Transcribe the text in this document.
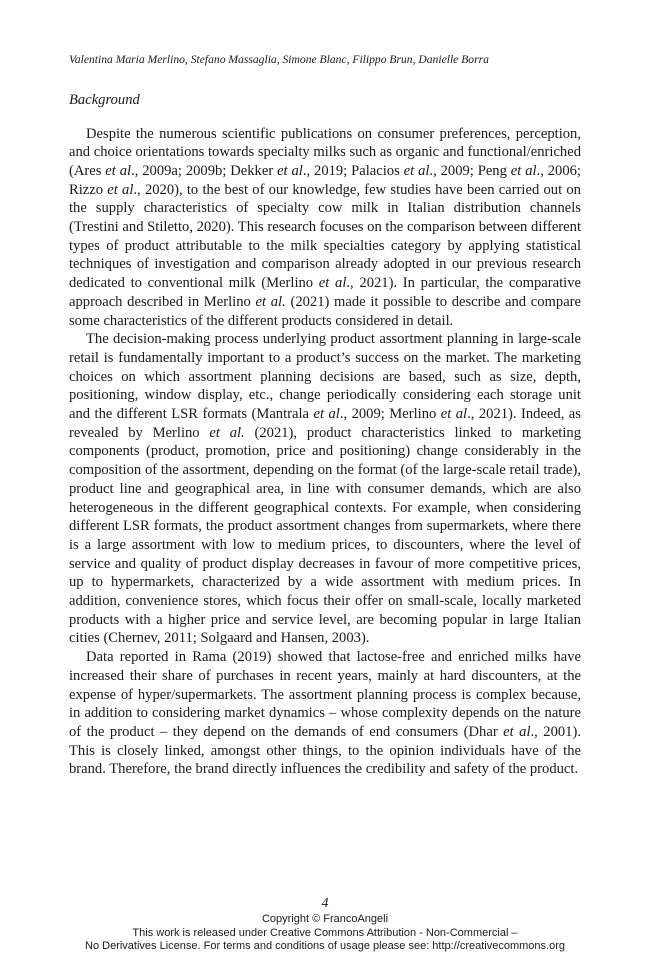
Valentina Maria Merlino, Stefano Massaglia, Simone Blanc, Filippo Brun, Danielle Borra
Background

Despite the numerous scientific publications on consumer preferences, perception, and choice orientations towards specialty milks such as organic and functional/enriched (Ares et al., 2009a; 2009b; Dekker et al., 2019; Palacios et al., 2009; Peng et al., 2006; Rizzo et al., 2020), to the best of our knowledge, few studies have been carried out on the supply characteristics of specialty cow milk in Italian distribution channels (Trestini and Stiletto, 2020). This research focuses on the comparison between different types of product attributable to the milk specialties category by applying statistical techniques of investigation and comparison already adopted in our previous research dedicated to conventional milk (Merlino et al., 2021). In particular, the comparative approach described in Merlino et al. (2021) made it possible to describe and compare some characteristics of the different products considered in detail.

The decision-making process underlying product assortment planning in large-scale retail is fundamentally important to a product’s success on the market. The marketing choices on which assortment planning decisions are based, such as size, depth, positioning, window display, etc., change periodically considering each storage unit and the different LSR formats (Mantrala et al., 2009; Merlino et al., 2021). Indeed, as revealed by Merlino et al. (2021), product characteristics linked to marketing components (product, promotion, price and positioning) change considerably in the composition of the assortment, depending on the format (of the large-scale retail trade), product line and geographical area, in line with consumer demands, which are also heterogeneous in the different geographical contexts. For example, when considering different LSR formats, the product assortment changes from supermarkets, where there is a large assortment with low to medium prices, to discounters, where the level of service and quality of product display decreases in favour of more competitive prices, up to hypermarkets, characterized by a wide assortment with medium prices. In addition, convenience stores, which focus their offer on small-scale, locally marketed products with a higher price and service level, are becoming popular in large Italian cities (Chernev, 2011; Solgaard and Hansen, 2003).

Data reported in Rama (2019) showed that lactose-free and enriched milks have increased their share of purchases in recent years, mainly at hard discounters, at the expense of hyper/supermarkets. The assortment planning process is complex because, in addition to considering market dynamics – whose complexity depends on the nature of the product – they depend on the demands of end consumers (Dhar et al., 2001). This is closely linked, amongst other things, to the opinion individuals have of the brand. Therefore, the brand directly influences the credibility and safety of the product.

4
Copyright © FrancoAngeli
This work is released under Creative Commons Attribution - Non-Commercial –
No Derivatives License. For terms and conditions of usage please see: http://creativecommons.org
